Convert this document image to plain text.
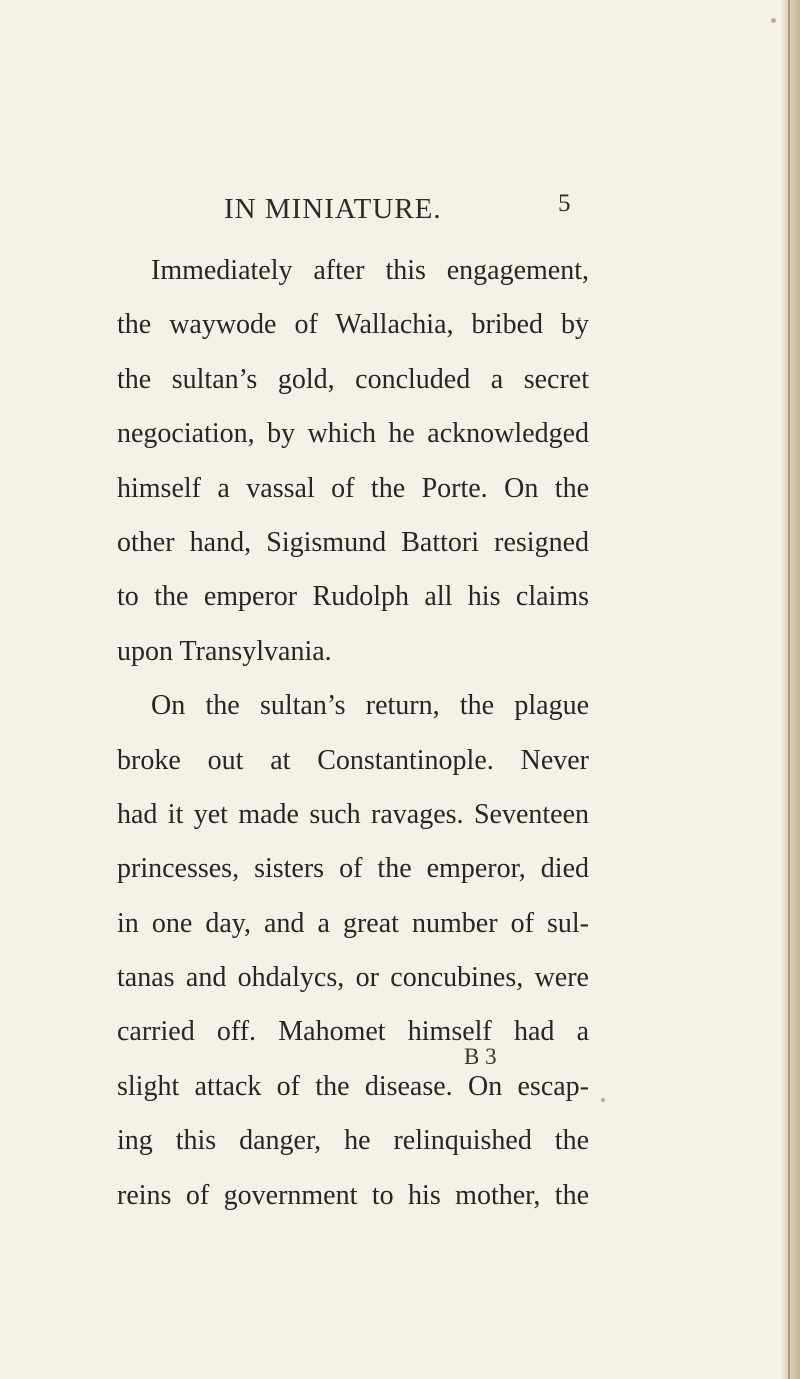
IN MINIATURE.	5
Immediately after this engagement,
the waywode of Wallachia, bribed by
the sultan’s gold, concluded a secret
negociation, by which he acknowledged
himself a vassal of the Porte. On the
other hand, Sigismund Battori resigned
to the emperor Rudolph all his claims
upon Transylvania.
On the sultan’s return, the plague
broke out at Constantinople. Never
had it yet made such ravages. Seventeen
princesses, sisters of the emperor, died
in one day, and a great number of sul-
tanas and ohdalycs, or concubines, were
carried off. Mahomet himself had a
slight attack of the disease. On escap-
ing this danger, he relinquished the
reins of government to his mother, the
B 3
